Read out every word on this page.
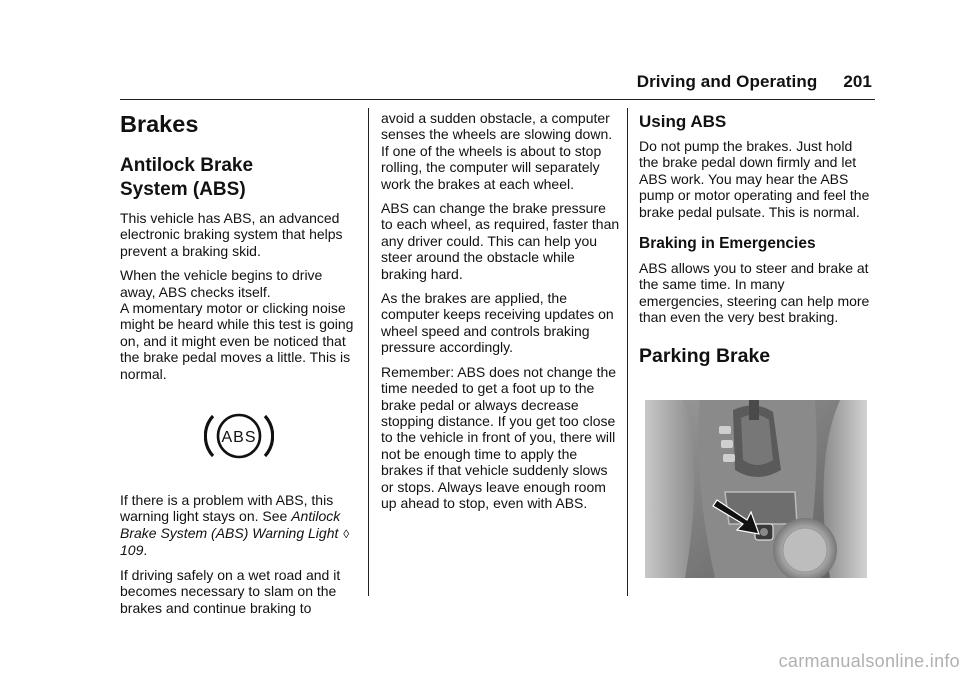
Driving and Operating 201
Brakes
Antilock Brake
System (ABS)

This vehicle has ABS, an advanced electronic braking system that helps prevent a braking skid.

When the vehicle begins to drive away, ABS checks itself.

A momentary motor or clicking noise might be heard while this test is going on, and it might even be noticed that the brake pedal moves a little. This is normal.

ABS

If there is a problem with ABS, this warning light stays on. See Antilock Brake System (ABS) Warning Light ◊109.

If driving safely on a wet road and it becomes necessary to slam on the brakes and continue braking to

avoid a sudden obstacle, a computer senses the wheels are slowing down. If one of the wheels is about to stop rolling, the computer will separately work the brakes at each wheel.

ABS can change the brake pressure to each wheel, as required, faster than any driver could. This can help you steer around the obstacle while braking hard.

As the brakes are applied, the computer keeps receiving updates on wheel speed and controls braking pressure accordingly.

Remember: ABS does not change the time needed to get a foot up to the brake pedal or always decrease stopping distance. If you get too close to the vehicle in front of you, there will not be enough time to apply the brakes if that vehicle suddenly slows or stops. Always leave enough room up ahead to stop, even with ABS.

Using ABS

Do not pump the brakes. Just hold the brake pedal down firmly and let ABS work. You may hear the ABS pump or motor operating and feel the brake pedal pulsate. This is normal.

Braking in Emergencies

ABS allows you to steer and brake at the same time. In many emergencies, steering can help more than even the very best braking.

Parking Brake
carmanualsonline.info
